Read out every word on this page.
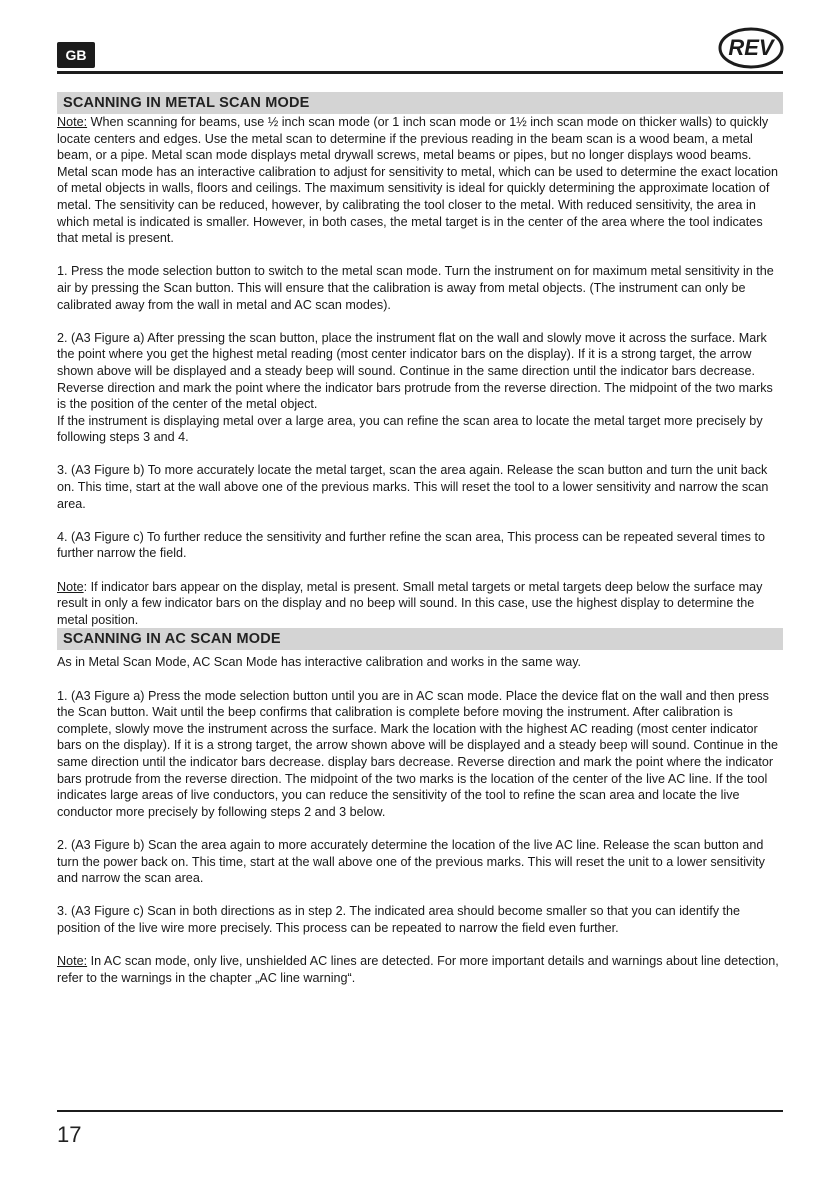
GB	REV
SCANNING IN METAL SCAN MODE

Note: When scanning for beams, use ½ inch scan mode (or 1 inch scan mode or 1½ inch scan mode on thicker walls) to quickly locate centers and edges. Use the metal scan to determine if the previous reading in the beam scan is a wood beam, a metal beam, or a pipe. Metal scan mode displays metal drywall screws, metal beams or pipes, but no longer displays wood beams.

Metal scan mode has an interactive calibration to adjust for sensitivity to metal, which can be used to determine the exact location of metal objects in walls, floors and ceilings. The maximum sensitivity is ideal for quickly determining the approximate location of metal. The sensitivity can be reduced, however, by calibrating the tool closer to the metal. With reduced sensitivity, the area in which metal is indicated is smaller. However, in both cases, the metal target is in the center of the area where the tool indicates that metal is present.

1. Press the mode selection button to switch to the metal scan mode. Turn the instrument on for maximum metal sensitivity in the air by pressing the Scan button. This will ensure that the calibration is away from metal objects. (The instrument can only be calibrated away from the wall in metal and AC scan modes).

2. (A3 Figure a) After pressing the scan button, place the instrument flat on the wall and slowly move it across the surface. Mark the point where you get the highest metal reading (most center indicator bars on the display). If it is a strong target, the arrow shown above will be displayed and a steady beep will sound. Continue in the same direction until the indicator bars decrease. Reverse direction and mark the point where the indicator bars protrude from the reverse direction. The midpoint of the two marks is the position of the center of the metal object.

If the instrument is displaying metal over a large area, you can refine the scan area to locate the metal target more precisely by following steps 3 and 4.

3. (A3 Figure b) To more accurately locate the metal target, scan the area again. Release the scan button and turn the unit back on. This time, start at the wall above one of the previous marks. This will reset the tool to a lower sensitivity and narrow the scan area.

4. (A3 Figure c) To further reduce the sensitivity and further refine the scan area, This process can be repeated several times to further narrow the field.

Note: If indicator bars appear on the display, metal is present. Small metal targets or metal targets deep below the surface may result in only a few indicator bars on the display and no beep will sound. In this case, use the highest display to determine the metal position.

SCANNING IN AC SCAN MODE

As in Metal Scan Mode, AC Scan Mode has interactive calibration and works in the same way.

1. (A3 Figure a) Press the mode selection button until you are in AC scan mode. Place the device flat on the wall and then press the Scan button. Wait until the beep confirms that calibration is complete before moving the instrument. After calibration is complete, slowly move the instrument across the surface. Mark the location with the highest AC reading (most center indicator bars on the display). If it is a strong target, the arrow shown above will be displayed and a steady beep will sound. Continue in the same direction until the indicator bars decrease. display bars decrease. Reverse direction and mark the point where the indicator bars protrude from the reverse direction. The midpoint of the two marks is the location of the center of the live AC line. If the tool indicates large areas of live conductors, you can reduce the sensitivity of the tool to refine the scan area and locate the live conductor more precisely by following steps 2 and 3 below.

2. (A3 Figure b) Scan the area again to more accurately determine the location of the live AC line. Release the scan button and turn the power back on. This time, start at the wall above one of the previous marks. This will reset the unit to a lower sensitivity and narrow the scan area.

3. (A3 Figure c) Scan in both directions as in step 2. The indicated area should become smaller so that you can identify the position of the live wire more precisely. This process can be repeated to narrow the field even further.

Note: In AC scan mode, only live, unshielded AC lines are detected. For more important details and warnings about line detection, refer to the warnings in the chapter „AC line warning“.

17
